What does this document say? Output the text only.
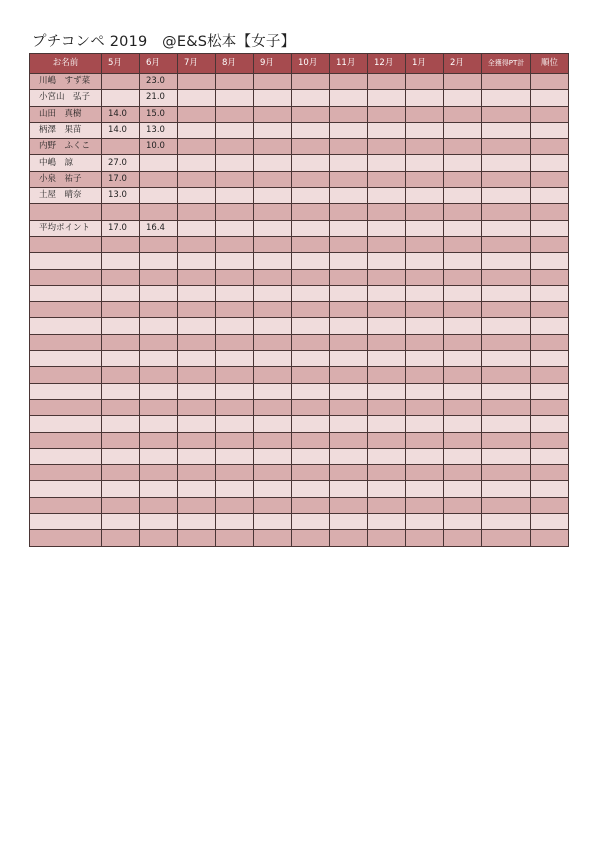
プチコンペ 2019　@E&S松本【女子】
お名前	5月	6月	7月	8月	9月	10月	11月	12月	1月	2月	全獲得PT計	順位
川嶋　すず菜		23.0										
小宮山　弘子		21.0										
山田　真樹	14.0	15.0										
柄澤　果苗	14.0	13.0										
内野　ふくこ		10.0										
中嶋　諒	27.0											
小泉　祐子	17.0											
土屋　晴奈	13.0											

平均ポイント	17.0	16.4										
